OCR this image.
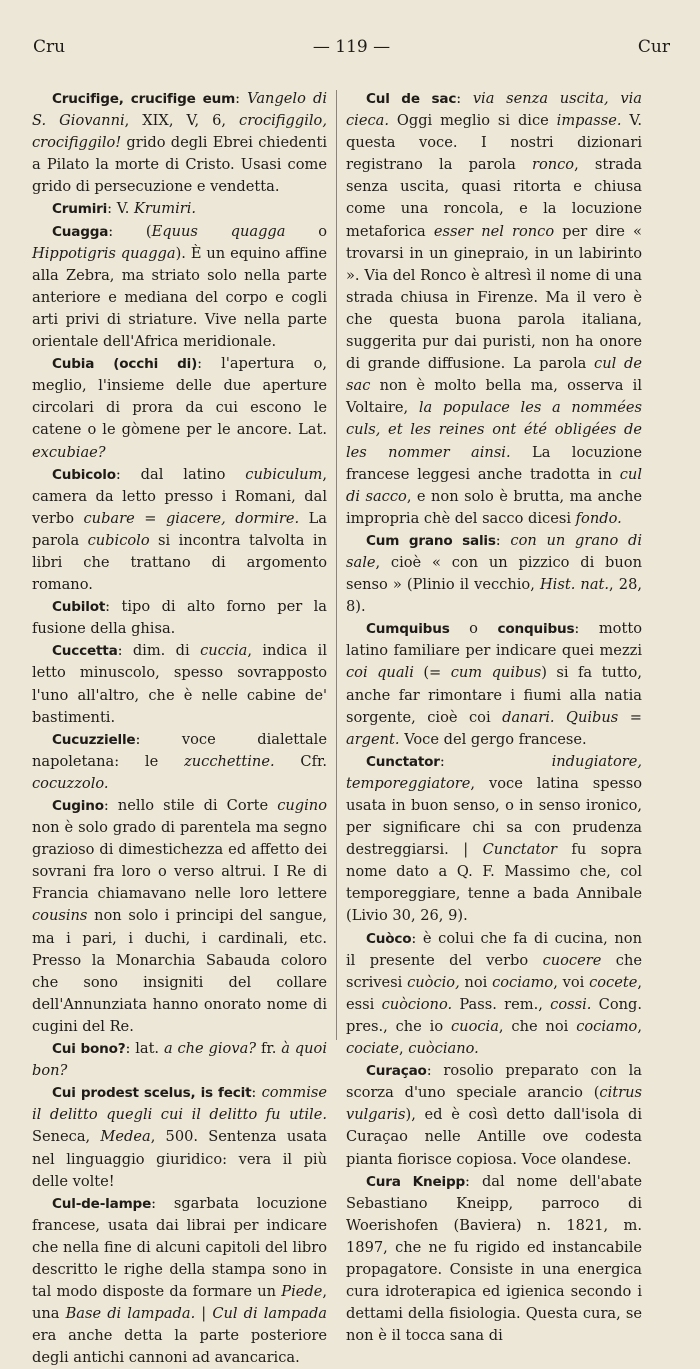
Cru	— 119 —	Cur

Crucifige, crucifige eum: Vangelo di S. Giovanni, XIX, V, 6, crocifiggilo, crocifiggilo! grido degli Ebrei chiedenti a Pilato la morte di Cristo. Usasi come grido di persecuzione e vendetta.

Crumiri: V. Krumiri.

Cuagga: (Equus quagga o Hippotigris quagga). È un equino affine alla Zebra, ma striato solo nella parte anteriore e mediana del corpo e cogli arti privi di striature. Vive nella parte orientale dell'Africa meridionale.

Cubia (occhi di): l'apertura o, meglio, l'insieme delle due aperture circolari di prora da cui escono le catene o le gòmene per le ancore. Lat. excubiae?

Cubicolo: dal latino cubiculum, camera da letto presso i Romani, dal verbo cubare = giacere, dormire. La parola cubicolo si incontra talvolta in libri che trattano di argomento romano.

Cubilot: tipo di alto forno per la fusione della ghisa.

Cuccetta: dim. di cuccia, indica il letto minuscolo, spesso sovrapposto l'uno all'altro, che è nelle cabine de' bastimenti.

Cucuzzielle: voce dialettale napoletana: le zucchettine. Cfr. cocuzzolo.

Cugino: nello stile di Corte cugino non è solo grado di parentela ma segno grazioso di dimestichezza ed affetto dei sovrani fra loro o verso altrui. I Re di Francia chiamavano nelle loro lettere cousins non solo i principi del sangue, ma i pari, i duchi, i cardinali, etc. Presso la Monarchia Sabauda coloro che sono insigniti del collare dell'Annunziata hanno onorato nome di cugini del Re.

Cui bono?: lat. a che giova? fr. à quoi bon?

Cui prodest scelus, is fecit: commise il delitto quegli cui il delitto fu utile. Seneca, Medea, 500. Sentenza usata nel linguaggio giuridico: vera il più delle volte!

Cul-de-lampe: sgarbata locuzione francese, usata dai librai per indicare che nella fine di alcuni capitoli del libro descritto le righe della stampa sono in tal modo disposte da formare un Piede, una Base di lampada. | Cul di lampada era anche detta la parte posteriore degli antichi cannoni ad avancarica.

Cul de sac: via senza uscita, via cieca. Oggi meglio si dice impasse. V. questa voce. I nostri dizionari registrano la parola ronco, strada senza uscita, quasi ritorta e chiusa come una roncola, e la locuzione metaforica esser nel ronco per dire « trovarsi in un ginepraio, in un labirinto ». Via del Ronco è altresì il nome di una strada chiusa in Firenze. Ma il vero è che questa buona parola italiana, suggerita pur dai puristi, non ha onore di grande diffusione. La parola cul de sac non è molto bella ma, osserva il Voltaire, la populace les a nommées culs, et les reines ont été obligées de les nommer ainsi. La locuzione francese leggesi anche tradotta in cul di sacco, e non solo è brutta, ma anche impropria chè del sacco dicesi fondo.

Cum grano salis: con un grano di sale, cioè « con un pizzico di buon senso » (Plinio il vecchio, Hist. nat., 28, 8).

Cumquibus o conquibus: motto latino familiare per indicare quei mezzi coi quali (= cum quibus) si fa tutto, anche far rimontare i fiumi alla natia sorgente, cioè coi danari. Quibus = argent. Voce del gergo francese.

Cunctator: indugiatore, temporeggiatore, voce latina spesso usata in buon senso, o in senso ironico, per significare chi sa con prudenza destreggiarsi. | Cunctator fu sopra nome dato a Q. F. Massimo che, col temporeggiare, tenne a bada Annibale (Livio 30, 26, 9).

Cuòco: è colui che fa di cucina, non il presente del verbo cuocere che scrivesi cuòcio, noi cociamo, voi cocete, essi cuòciono. Pass. rem., cossi. Cong. pres., che io cuocia, che noi cociamo, cociate, cuòciano.

Curaçao: rosolio preparato con la scorza d'uno speciale arancio (citrus vulgaris), ed è così detto dall'isola di Curaçao nelle Antille ove codesta pianta fiorisce copiosa. Voce olandese.

Cura Kneipp: dal nome dell'abate Sebastiano Kneipp, parroco di Woerishofen (Baviera) n. 1821, m. 1897, che ne fu rigido ed instancabile propagatore. Consiste in una energica cura idroterapica ed igienica secondo i dettami della fisiologia. Questa cura, se non è il tocca sana di
